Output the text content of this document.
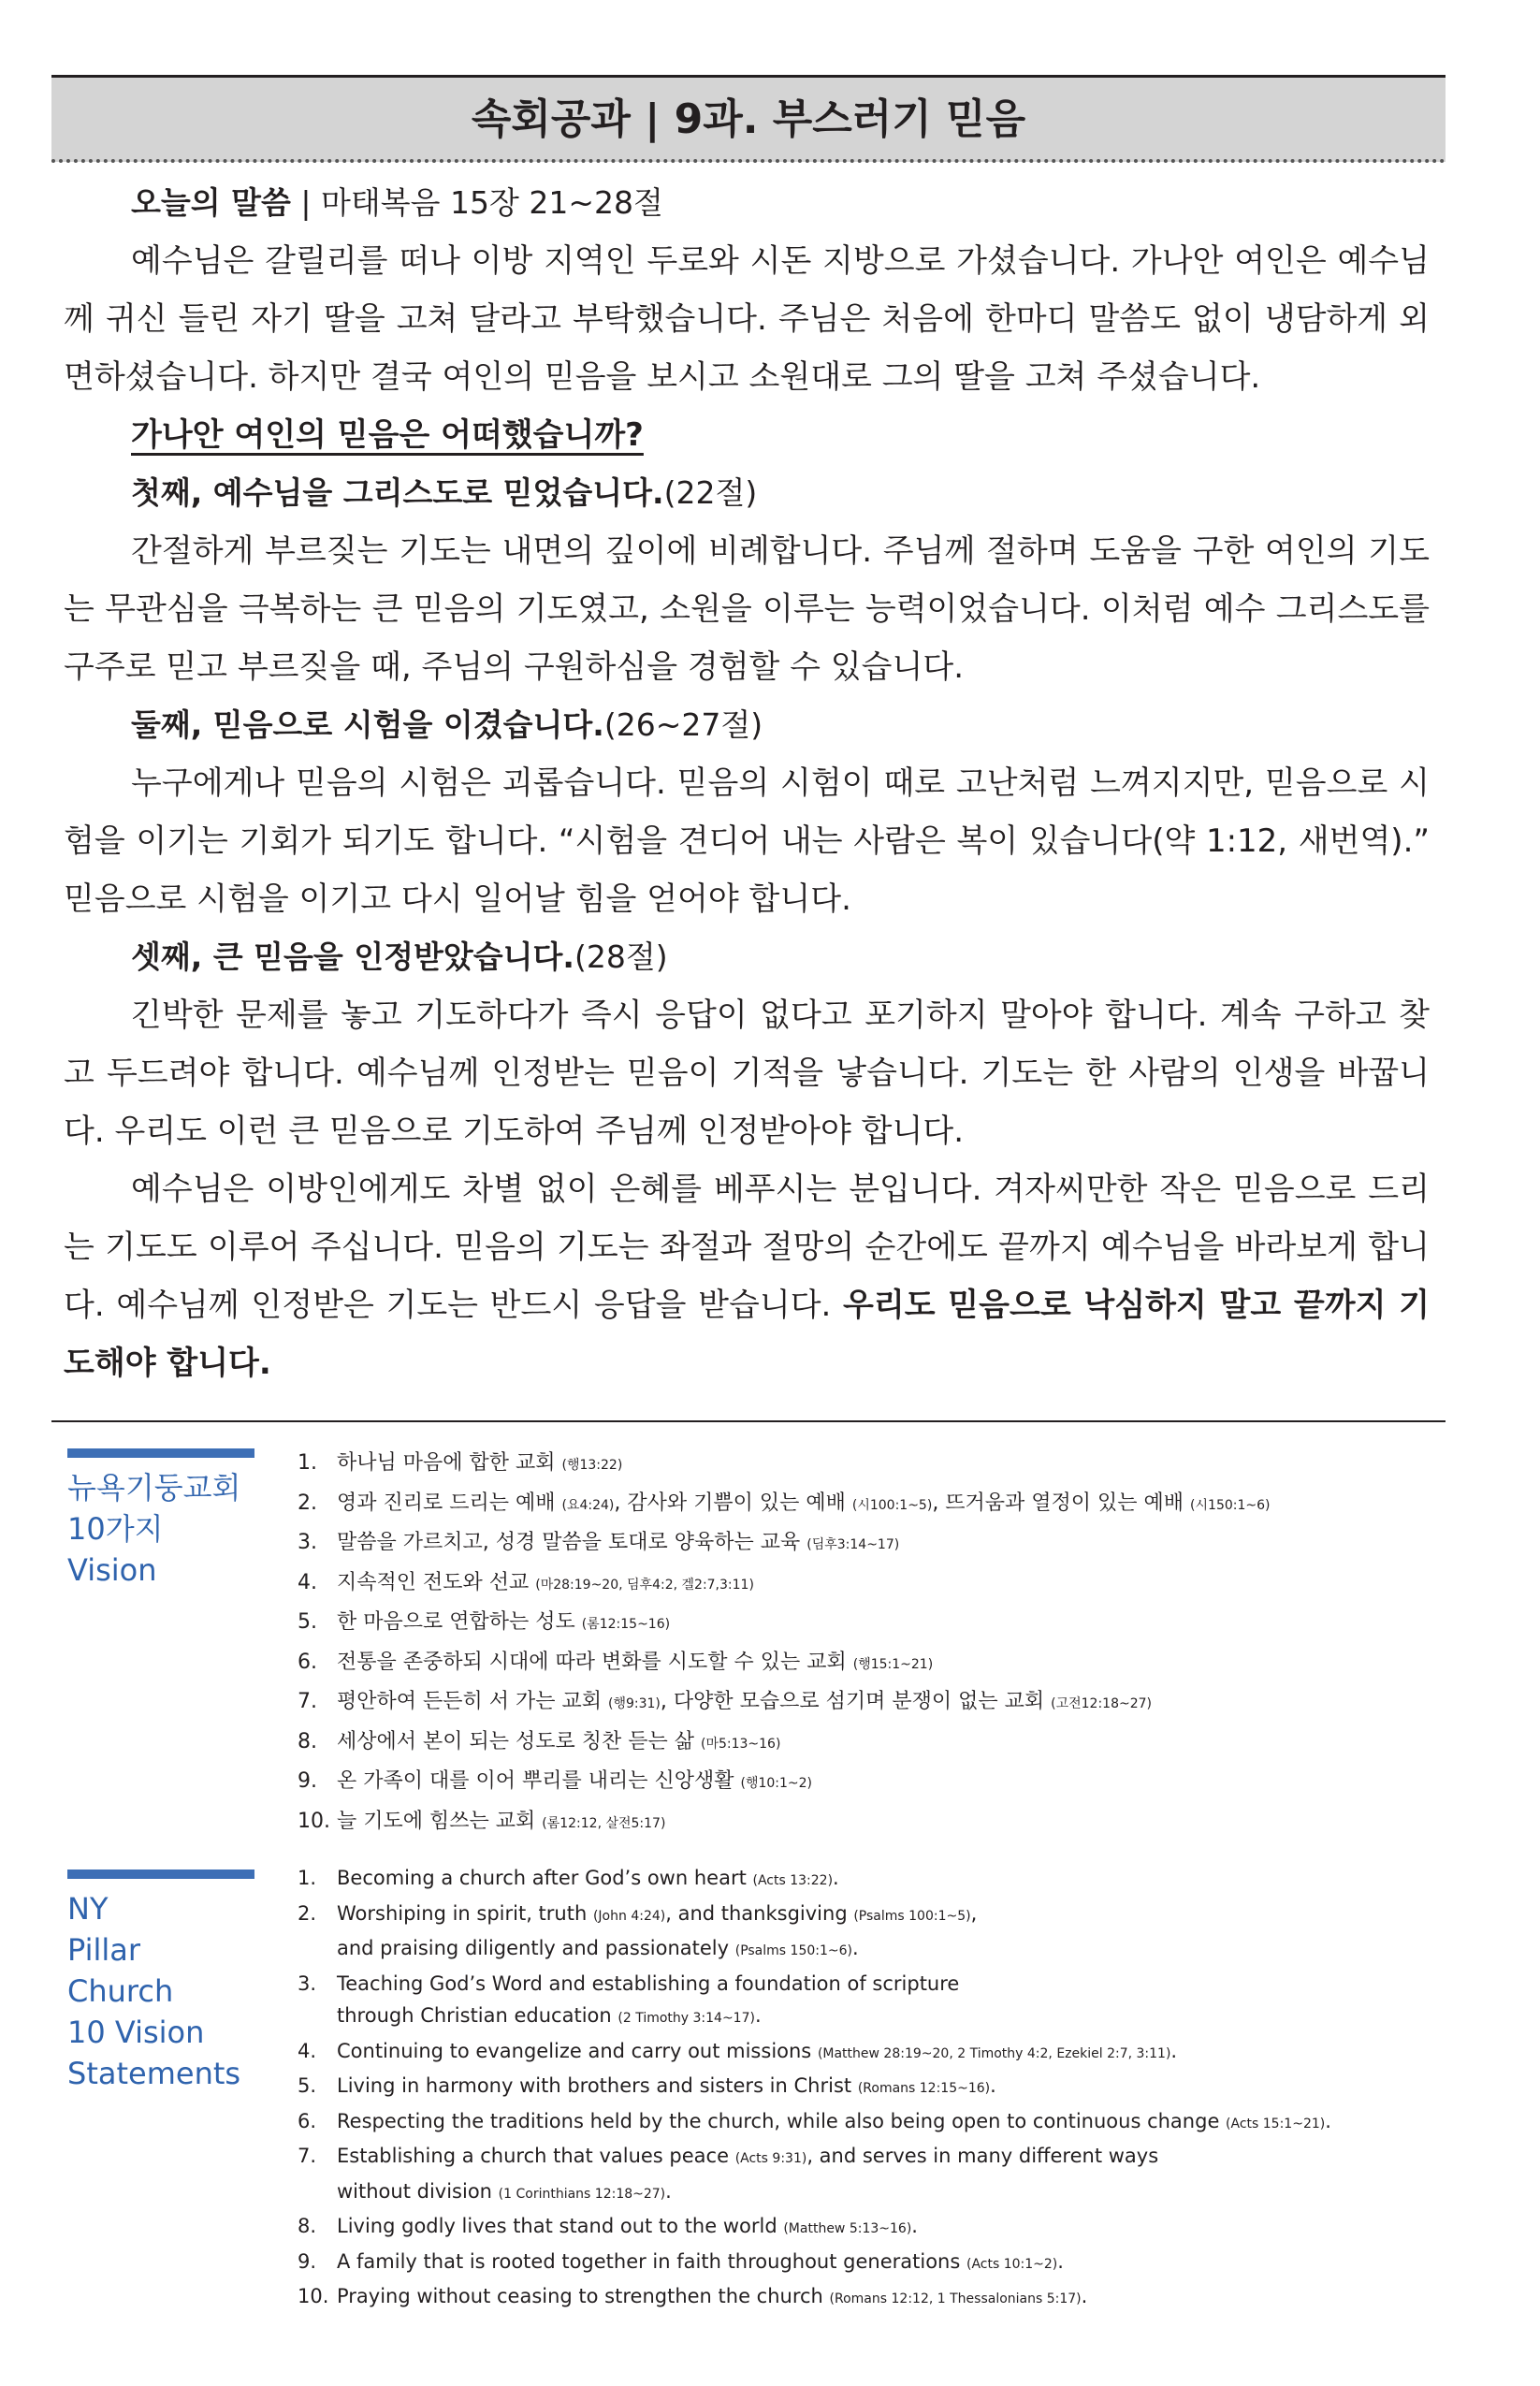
속회공과 | 9과. 부스러기 믿음
오늘의 말씀 | 마태복음 15장 21~28절

예수님은 갈릴리를 떠나 이방 지역인 두로와 시돈 지방으로 가셨습니다. 가나안 여인은 예수님께 귀신 들린 자기 딸을 고쳐 달라고 부탁했습니다. 주님은 처음에 한마디 말씀도 없이 냉담하게 외면하셨습니다. 하지만 결국 여인의 믿음을 보시고 소원대로 그의 딸을 고쳐 주셨습니다.

가나안 여인의 믿음은 어떠했습니까?
첫째, 예수님을 그리스도로 믿었습니다.(22절)

간절하게 부르짖는 기도는 내면의 깊이에 비례합니다. 주님께 절하며 도움을 구한 여인의 기도는 무관심을 극복하는 큰 믿음의 기도였고, 소원을 이루는 능력이었습니다. 이처럼 예수 그리스도를 구주로 믿고 부르짖을 때, 주님의 구원하심을 경험할 수 있습니다.

둘째, 믿음으로 시험을 이겼습니다.(26~27절)

누구에게나 믿음의 시험은 괴롭습니다. 믿음의 시험이 때로 고난처럼 느껴지지만, 믿음으로 시험을 이기는 기회가 되기도 합니다. “시험을 견디어 내는 사람은 복이 있습니다(약 1:12, 새번역).” 믿음으로 시험을 이기고 다시 일어날 힘을 얻어야 합니다.

셋째, 큰 믿음을 인정받았습니다.(28절)

긴박한 문제를 놓고 기도하다가 즉시 응답이 없다고 포기하지 말아야 합니다. 계속 구하고 찾고 두드려야 합니다. 예수님께 인정받는 믿음이 기적을 낳습니다. 기도는 한 사람의 인생을 바꿉니다. 우리도 이런 큰 믿음으로 기도하여 주님께 인정받아야 합니다.

예수님은 이방인에게도 차별 없이 은혜를 베푸시는 분입니다. 겨자씨만한 작은 믿음으로 드리는 기도도 이루어 주십니다. 믿음의 기도는 좌절과 절망의 순간에도 끝까지 예수님을 바라보게 합니다. 예수님께 인정받은 기도는 반드시 응답을 받습니다. 우리도 믿음으로 낙심하지 말고 끝까지 기도해야 합니다.

뉴욕기둥교회
10가지
Vision
1. 하나님 마음에 합한 교회 (행13:22)
2. 영과 진리로 드리는 예배 (요4:24), 감사와 기쁨이 있는 예배 (시100:1~5), 뜨거움과 열정이 있는 예배 (시150:1~6)
3. 말씀을 가르치고, 성경 말씀을 토대로 양육하는 교육 (딤후3:14~17)
4. 지속적인 전도와 선교 (마28:19~20, 딤후4:2, 겔2:7,3:11)
5. 한 마음으로 연합하는 성도 (롬12:15~16)
6. 전통을 존중하되 시대에 따라 변화를 시도할 수 있는 교회 (행15:1~21)
7. 평안하여 든든히 서 가는 교회 (행9:31), 다양한 모습으로 섬기며 분쟁이 없는 교회 (고전12:18~27)
8. 세상에서 본이 되는 성도로 칭찬 듣는 삶 (마5:13~16)
9. 온 가족이 대를 이어 뿌리를 내리는 신앙생활 (행10:1~2)
10. 늘 기도에 힘쓰는 교회 (롬12:12, 살전5:17)
NY
Pillar Church
10 Vision
Statements
1. Becoming a church after God’s own heart (Acts 13:22).
2. Worshiping in spirit, truth (John 4:24), and thanksgiving (Psalms 100:1~5),
and praising diligently and passionately (Psalms 150:1~6).
3. Teaching God’s Word and establishing a foundation of scripture
through Christian education (2 Timothy 3:14~17).
4. Continuing to evangelize and carry out missions (Matthew 28:19~20, 2 Timothy 4:2, Ezekiel 2:7, 3:11).
5. Living in harmony with brothers and sisters in Christ (Romans 12:15~16).
6. Respecting the traditions held by the church, while also being open to continuous change (Acts 15:1~21).
7. Establishing a church that values peace (Acts 9:31), and serves in many different ways
without division (1 Corinthians 12:18~27).
8. Living godly lives that stand out to the world (Matthew 5:13~16).
9. A family that is rooted together in faith throughout generations (Acts 10:1~2).
10. Praying without ceasing to strengthen the church (Romans 12:12, 1 Thessalonians 5:17).
